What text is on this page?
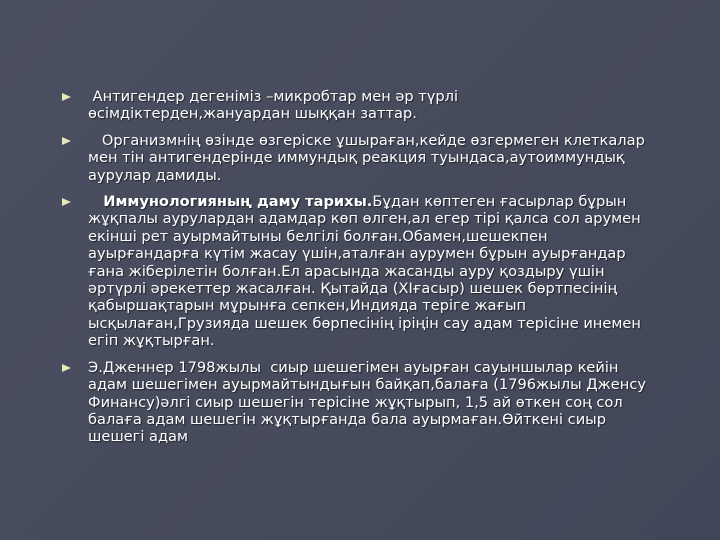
Антигендер дегеніміз –микробтар мен әр түрлі өсімдіктерден,жануардан шыққан заттар.
Организмнің өзінде өзгеріске ұшыраған,кейде өзгермеген клеткалар мен тін антигендерінде иммундық реакция туындаса,аутоиммундық аурулар дамиды.
Иммунологияның даму тарихы.Бұдан көптеген ғасырлар бұрын жұқпалы аурулардан адамдар көп өлген,ал егер тірі қалса сол арумен екінші рет ауырмайтыны белгілі болған.Обамен,шешекпен ауырғандарға күтім жасау үшін,аталған аурумен бұрын ауырғандар  ғана жіберілетін болған.Ел арасында жасанды ауру қоздыру үшін әртүрлі әрекеттер жасалған. Қытайда (XIғасыр) шешек бөртпесінің қабыршақтарын мұрынға сепкен,Индияда теріге жағып ысқылаған,Грузияда шешек бөрпесінің іріңін сау адам терісіне инемен егіп жұқтырған.
Э.Дженнер 1798жылы  сиыр шешегімен ауырған сауыншылар кейін адам шешегімен ауырмайтындығын байқап,балаға (1796жылы Дженсу Финансу)әлгі сиыр шешегін терісіне жұқтырып, 1,5 ай өткен соң сол балаға адам шешегін жұқтырғанда бала ауырмаған.Өйткені сиыр шешегі адам
